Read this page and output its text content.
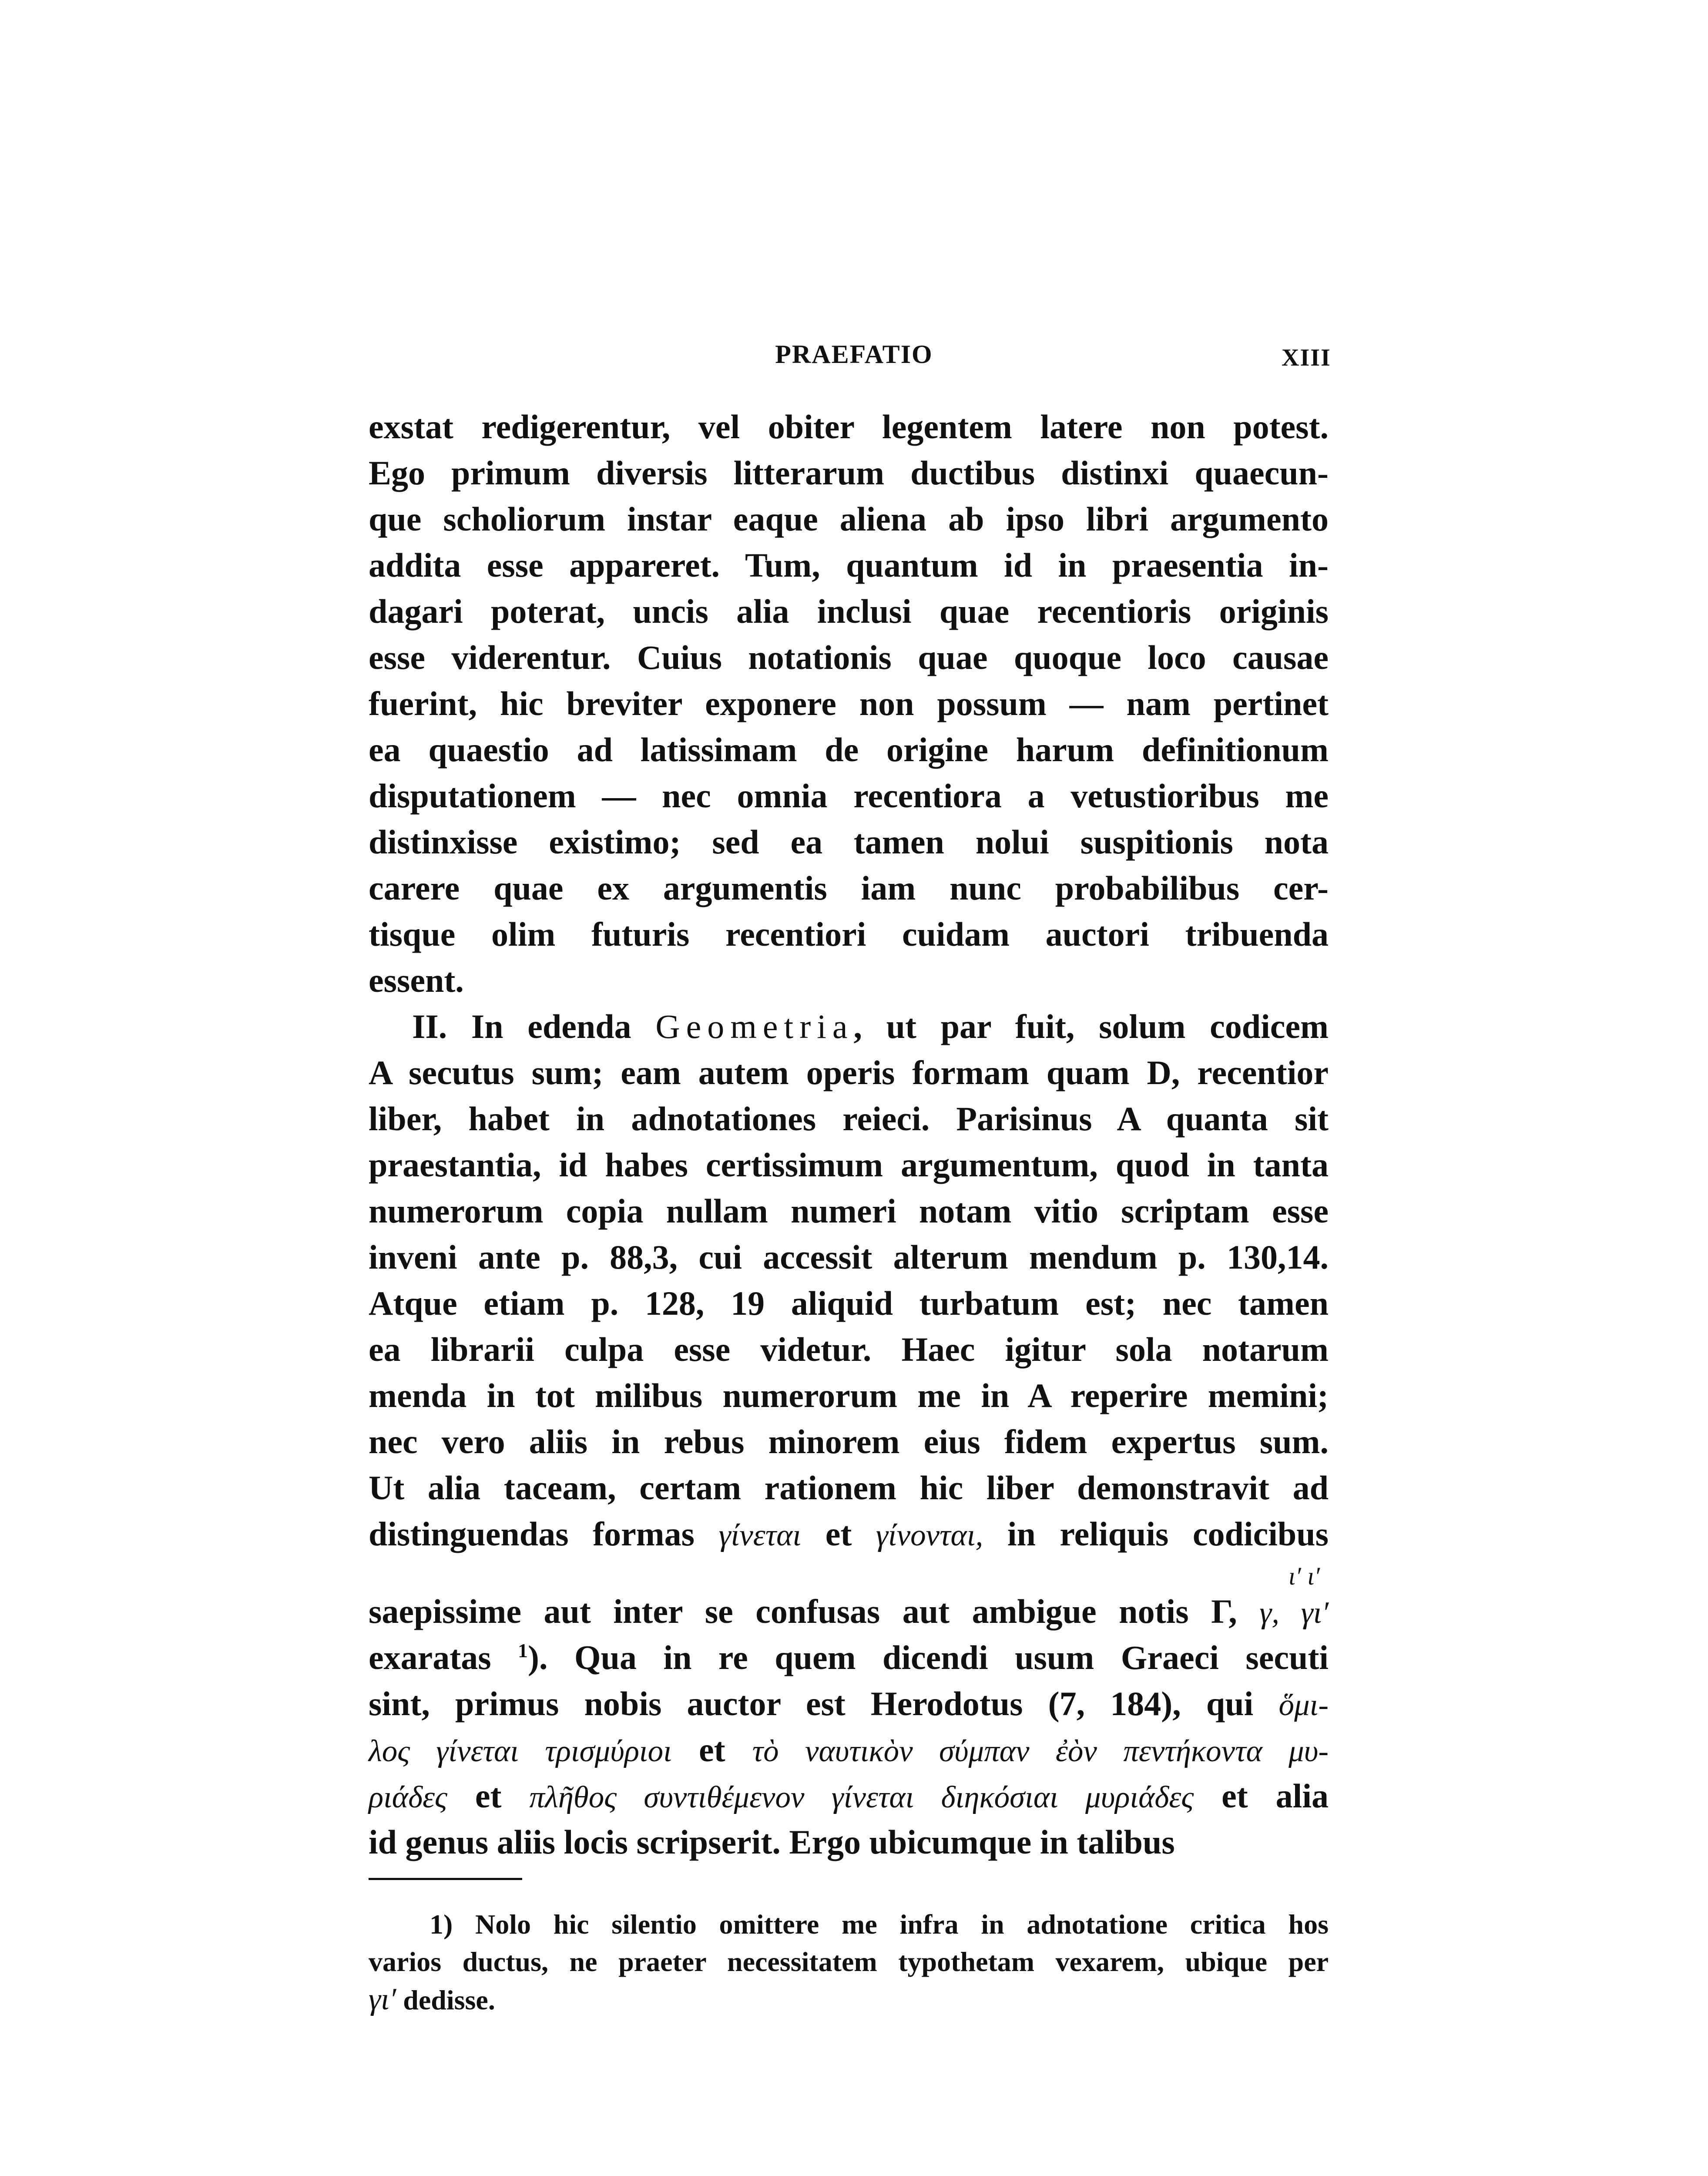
PRAEFATIO	XIII
exstat redigerentur, vel obiter legentem latere non potest.
Ego primum diversis litterarum ductibus distinxi quaecun-
que scholiorum instar eaque aliena ab ipso libri argumento
addita esse appareret. Tum, quantum id in praesentia in-
dagari poterat, uncis alia inclusi quae recentioris originis
esse viderentur. Cuius notationis quae quoque loco causae
fuerint, hic breviter exponere non possum — nam pertinet
ea quaestio ad latissimam de origine harum definitionum
disputationem — nec omnia recentiora a vetustioribus me
distinxisse existimo; sed ea tamen nolui suspitionis nota
carere quae ex argumentis iam nunc probabilibus cer-
tisque olim futuris recentiori cuidam auctori tribuenda
essent.
II. In edenda Geometria, ut par fuit, solum codicem
A secutus sum; eam autem operis formam quam D, recentior
liber, habet in adnotationes reieci. Parisinus A quanta sit
praestantia, id habes certissimum argumentum, quod in tanta
numerorum copia nullam numeri notam vitio scriptam esse
inveni ante p. 88,3, cui accessit alterum mendum p. 130,14.
Atque etiam p. 128, 19 aliquid turbatum est; nec tamen
ea librarii culpa esse videtur. Haec igitur sola notarum
menda in tot milibus numerorum me in A reperire memini;
nec vero aliis in rebus minorem eius fidem expertus sum.
Ut alia taceam, certam rationem hic liber demonstravit ad
distinguendas formas γίνεται et γίνονται, in reliquis codicibus
ι′ ι′
saepissime aut inter se confusas aut ambigue notis Γ, γ, γι′
exaratas $^1$). Qua in re quem dicendi usum Graeci secuti
sint, primus nobis auctor est Herodotus (7, 184), qui ὅμι-
λος γίνεται τρισμύριοι et τὸ ναυτικὸν σύμπαν ἐὸν πεντήκοντα μυ-
ριάδες et πλῆθος συντιθέμενον γίνεται διηκόσιαι μυριάδες et alia
id genus aliis locis scripserit. Ergo ubicumque in talibus
1) Nolo hic silentio omittere me infra in adnotatione critica hos
varios ductus, ne praeter necessitatem typothetam vexarem, ubique per
γι′ dedisse.
